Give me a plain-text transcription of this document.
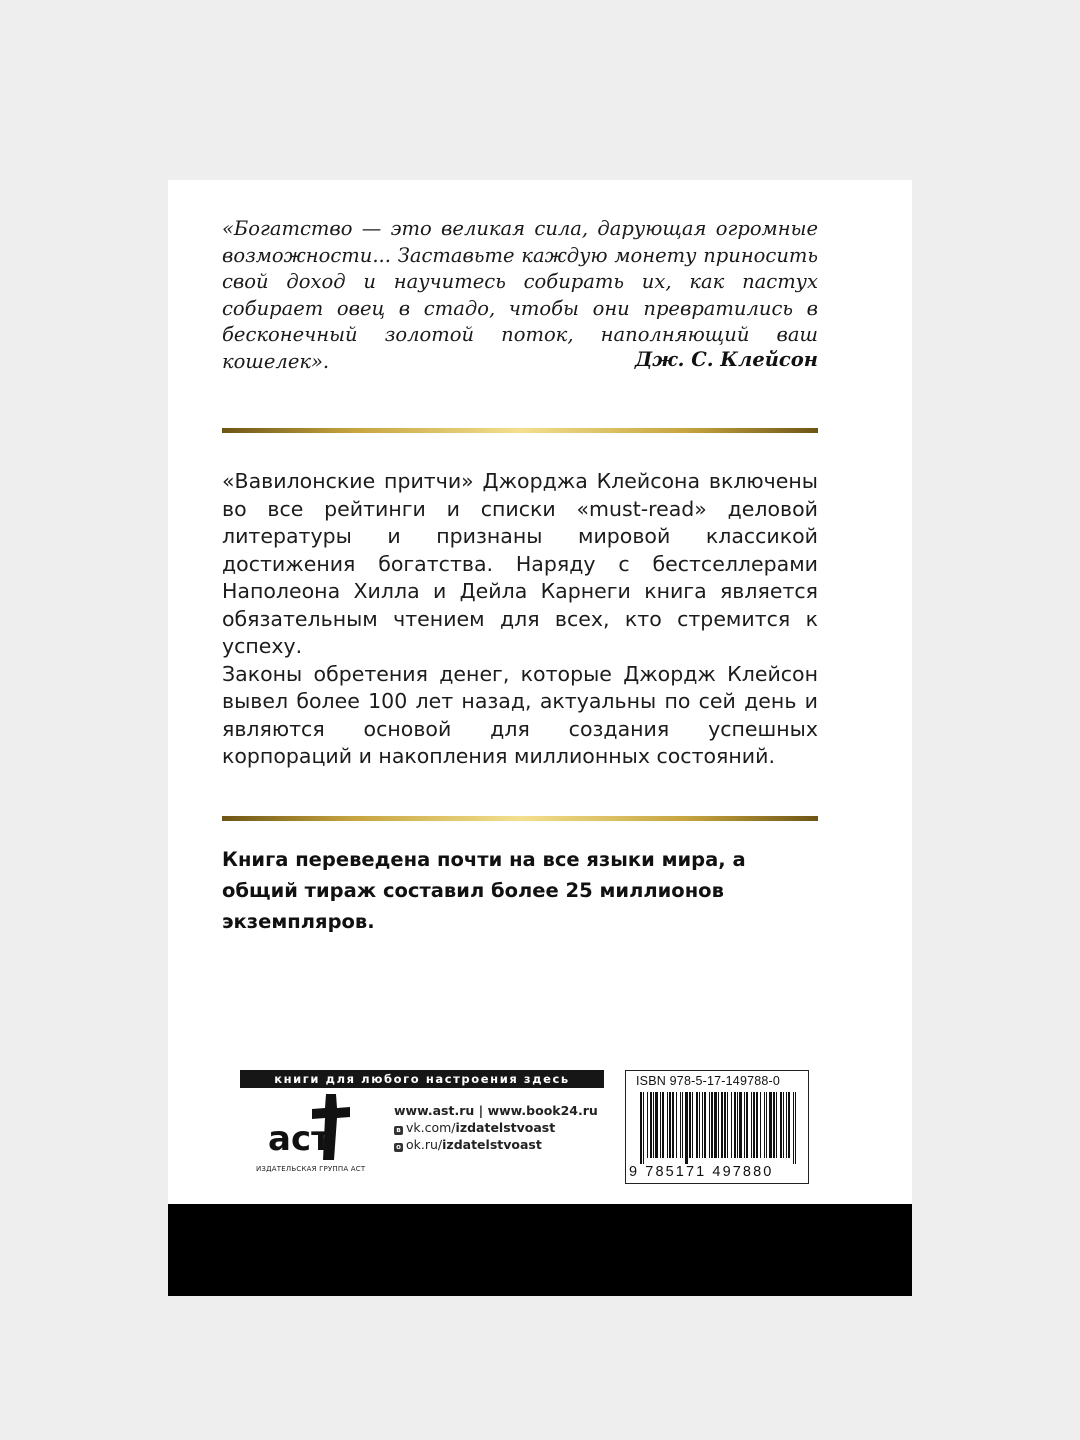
«Богатство — это великая сила, дарующая огромные возможности... Заставьте каждую монету приносить свой доход и научитесь собирать их, как пастух собирает овец в стадо, чтобы они превратились в бесконечный золотой поток, наполняющий ваш кошелек».	Дж. С. Клейсон

«Вавилонские притчи» Джорджа Клейсона включены во все рейтинги и списки «must-read» деловой литературы и признаны мировой классикой достижения богатства. Наряду с бестселлерами Наполеона Хилла и Дейла Карнеги книга является обязательным чтением для всех, кто стремится к успеху.

Законы обретения денег, которые Джордж Клейсон вывел более 100 лет назад, актуальны по сей день и являются основой для создания успешных корпораций и накопления миллионных состояний.

Книга переведена почти на все языки мира, а общий тираж составил более 25 миллионов экземпляров.

книги для любого настроения здесь
аст
ИЗДАТЕЛЬСКАЯ ГРУППА АСТ
www.ast.ru | www.book24.ru
в vk.com/izdatelstvoast
o ok.ru/izdatelstvoast
ISBN 978-5-17-149788-0
9 785171 497880
